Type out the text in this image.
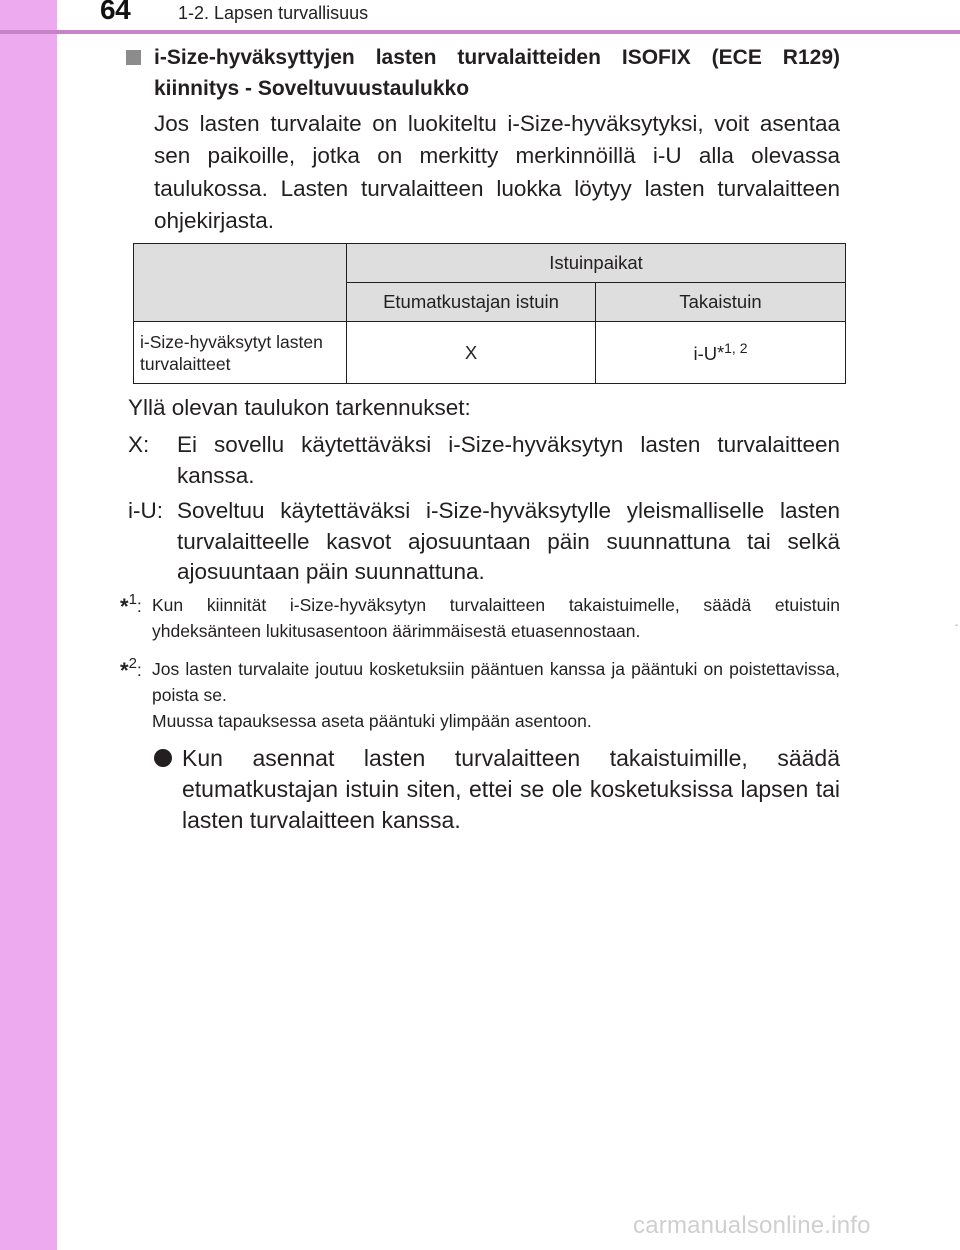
64	1-2. Lapsen turvallisuus
i-Size-hyväksyttyjen lasten turvalaitteiden ISOFIX (ECE R129) kiinnitys - Soveltuvuustaulukko
Jos lasten turvalaite on luokiteltu i-Size-hyväksytyksi, voit asentaa sen paikoille, jotka on merkitty merkinnöillä i-U alla olevassa taulukossa. Lasten turvalaitteen luokka löytyy lasten turvalaitteen ohjekirjasta.
	Istuinpaikat	
	Etumatkustajan istuin	Takaistuin
i-Size-hyväksytyt lasten turvalaitteet	X	i-U*$^{1, 2}$
Yllä olevan taulukon tarkennukset:
X: Ei sovellu käytettäväksi i-Size-hyväksytyn lasten turvalaitteen kanssa.
i-U: Soveltuu käytettäväksi i-Size-hyväksytylle yleismalliselle lasten turvalaitteelle kasvot ajosuuntaan päin suunnattuna tai selkä ajosuuntaan päin suunnattuna.
*1: Kun kiinnität i-Size-hyväksytyn turvalaitteen takaistuimelle, säädä etuistuin yhdeksänteen lukitusasentoon äärimmäisestä etuasennostaan.
*2: Jos lasten turvalaite joutuu kosketuksiin pääntuen kanssa ja pääntuki on poistettavissa, poista se.
Muussa tapauksessa aseta pääntuki ylimpään asentoon.
Kun asennat lasten turvalaitteen takaistuimille, säädä etumatkustajan istuin siten, ettei se ole kosketuksissa lapsen tai lasten turvalaitteen kanssa.
-
carmanualsonline.info
